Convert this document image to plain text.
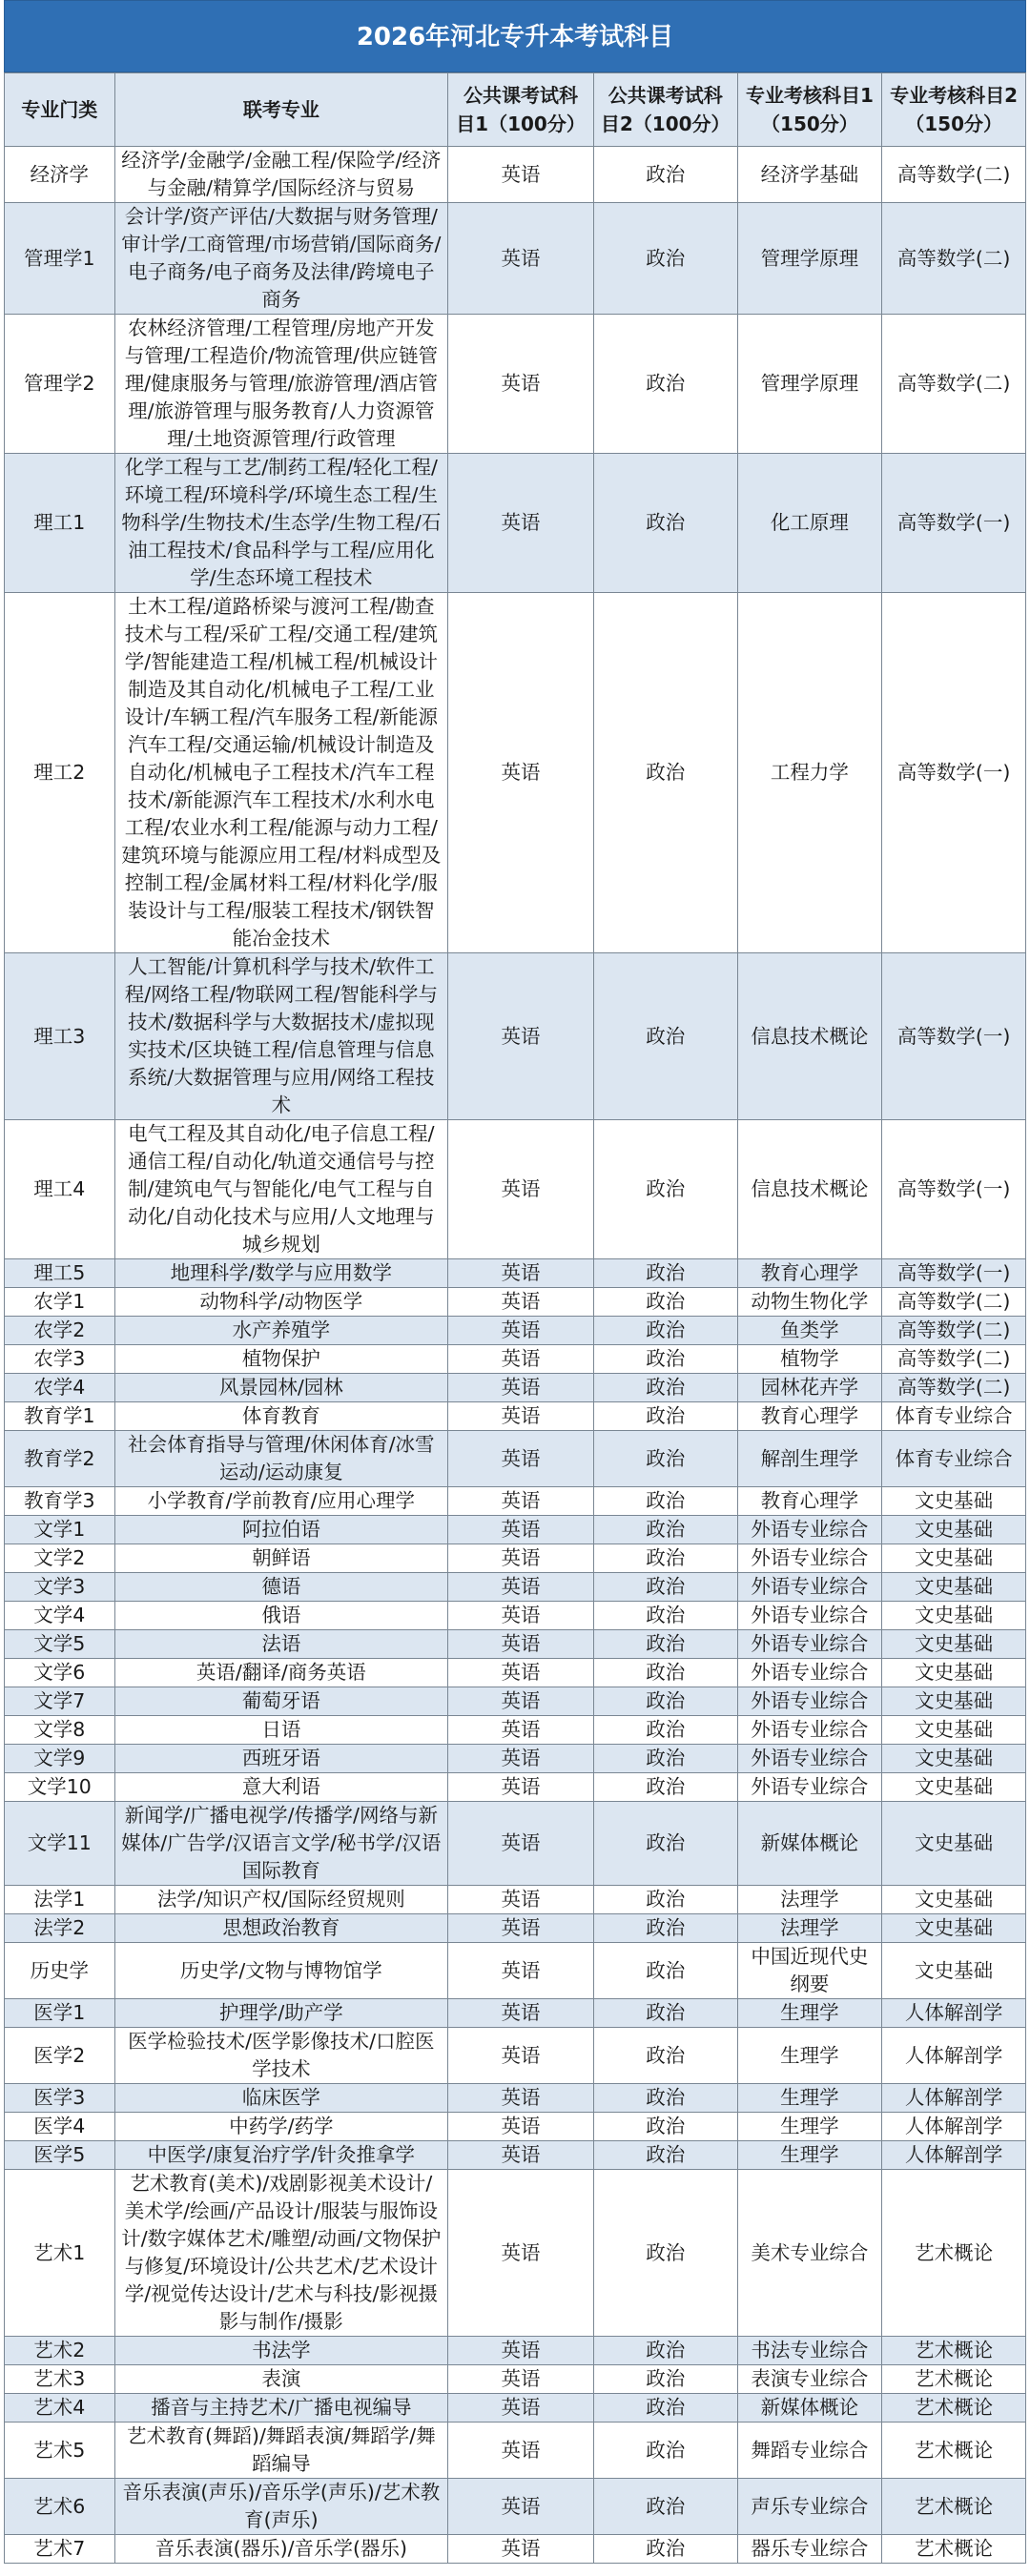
2026年河北专升本考试科目
专业门类	联考专业	公共课考试科目1（100分）	公共课考试科目2（100分）	专业考核科目1（150分）	专业考核科目2（150分）
经济学	经济学/金融学/金融工程/保险学/经济与金融/精算学/国际经济与贸易	英语	政治	经济学基础	高等数学(二)
管理学1	会计学/资产评估/大数据与财务管理/审计学/工商管理/市场营销/国际商务/电子商务/电子商务及法律/跨境电子商务	英语	政治	管理学原理	高等数学(二)
管理学2	农林经济管理/工程管理/房地产开发与管理/工程造价/物流管理/供应链管理/健康服务与管理/旅游管理/酒店管理/旅游管理与服务教育/人力资源管理/土地资源管理/行政管理	英语	政治	管理学原理	高等数学(二)
理工1	化学工程与工艺/制药工程/轻化工程/环境工程/环境科学/环境生态工程/生物科学/生物技术/生态学/生物工程/石油工程技术/食品科学与工程/应用化学/生态环境工程技术	英语	政治	化工原理	高等数学(一)
理工2	土木工程/道路桥梁与渡河工程/勘查技术与工程/采矿工程/交通工程/建筑学/智能建造工程/机械工程/机械设计制造及其自动化/机械电子工程/工业设计/车辆工程/汽车服务工程/新能源汽车工程/交通运输/机械设计制造及自动化/机械电子工程技术/汽车工程技术/新能源汽车工程技术/水利水电工程/农业水利工程/能源与动力工程/建筑环境与能源应用工程/材料成型及控制工程/金属材料工程/材料化学/服装设计与工程/服装工程技术/钢铁智能冶金技术	英语	政治	工程力学	高等数学(一)
理工3	人工智能/计算机科学与技术/软件工程/网络工程/物联网工程/智能科学与技术/数据科学与大数据技术/虚拟现实技术/区块链工程/信息管理与信息系统/大数据管理与应用/网络工程技术	英语	政治	信息技术概论	高等数学(一)
理工4	电气工程及其自动化/电子信息工程/通信工程/自动化/轨道交通信号与控制/建筑电气与智能化/电气工程与自动化/自动化技术与应用/人文地理与城乡规划	英语	政治	信息技术概论	高等数学(一)
理工5	地理科学/数学与应用数学	英语	政治	教育心理学	高等数学(一)
农学1	动物科学/动物医学	英语	政治	动物生物化学	高等数学(二)
农学2	水产养殖学	英语	政治	鱼类学	高等数学(二)
农学3	植物保护	英语	政治	植物学	高等数学(二)
农学4	风景园林/园林	英语	政治	园林花卉学	高等数学(二)
教育学1	体育教育	英语	政治	教育心理学	体育专业综合
教育学2	社会体育指导与管理/休闲体育/冰雪运动/运动康复	英语	政治	解剖生理学	体育专业综合
教育学3	小学教育/学前教育/应用心理学	英语	政治	教育心理学	文史基础
文学1	阿拉伯语	英语	政治	外语专业综合	文史基础
文学2	朝鲜语	英语	政治	外语专业综合	文史基础
文学3	德语	英语	政治	外语专业综合	文史基础
文学4	俄语	英语	政治	外语专业综合	文史基础
文学5	法语	英语	政治	外语专业综合	文史基础
文学6	英语/翻译/商务英语	英语	政治	外语专业综合	文史基础
文学7	葡萄牙语	英语	政治	外语专业综合	文史基础
文学8	日语	英语	政治	外语专业综合	文史基础
文学9	西班牙语	英语	政治	外语专业综合	文史基础
文学10	意大利语	英语	政治	外语专业综合	文史基础
文学11	新闻学/广播电视学/传播学/网络与新媒体/广告学/汉语言文学/秘书学/汉语国际教育	英语	政治	新媒体概论	文史基础
法学1	法学/知识产权/国际经贸规则	英语	政治	法理学	文史基础
法学2	思想政治教育	英语	政治	法理学	文史基础
历史学	历史学/文物与博物馆学	英语	政治	中国近现代史纲要	文史基础
医学1	护理学/助产学	英语	政治	生理学	人体解剖学
医学2	医学检验技术/医学影像技术/口腔医学技术	英语	政治	生理学	人体解剖学
医学3	临床医学	英语	政治	生理学	人体解剖学
医学4	中药学/药学	英语	政治	生理学	人体解剖学
医学5	中医学/康复治疗学/针灸推拿学	英语	政治	生理学	人体解剖学
艺术1	艺术教育(美术)/戏剧影视美术设计/美术学/绘画/产品设计/服装与服饰设计/数字媒体艺术/雕塑/动画/文物保护与修复/环境设计/公共艺术/艺术设计学/视觉传达设计/艺术与科技/影视摄影与制作/摄影	英语	政治	美术专业综合	艺术概论
艺术2	书法学	英语	政治	书法专业综合	艺术概论
艺术3	表演	英语	政治	表演专业综合	艺术概论
艺术4	播音与主持艺术/广播电视编导	英语	政治	新媒体概论	艺术概论
艺术5	艺术教育(舞蹈)/舞蹈表演/舞蹈学/舞蹈编导	英语	政治	舞蹈专业综合	艺术概论
艺术6	音乐表演(声乐)/音乐学(声乐)/艺术教育(声乐)	英语	政治	声乐专业综合	艺术概论
艺术7	音乐表演(器乐)/音乐学(器乐)	英语	政治	器乐专业综合	艺术概论
